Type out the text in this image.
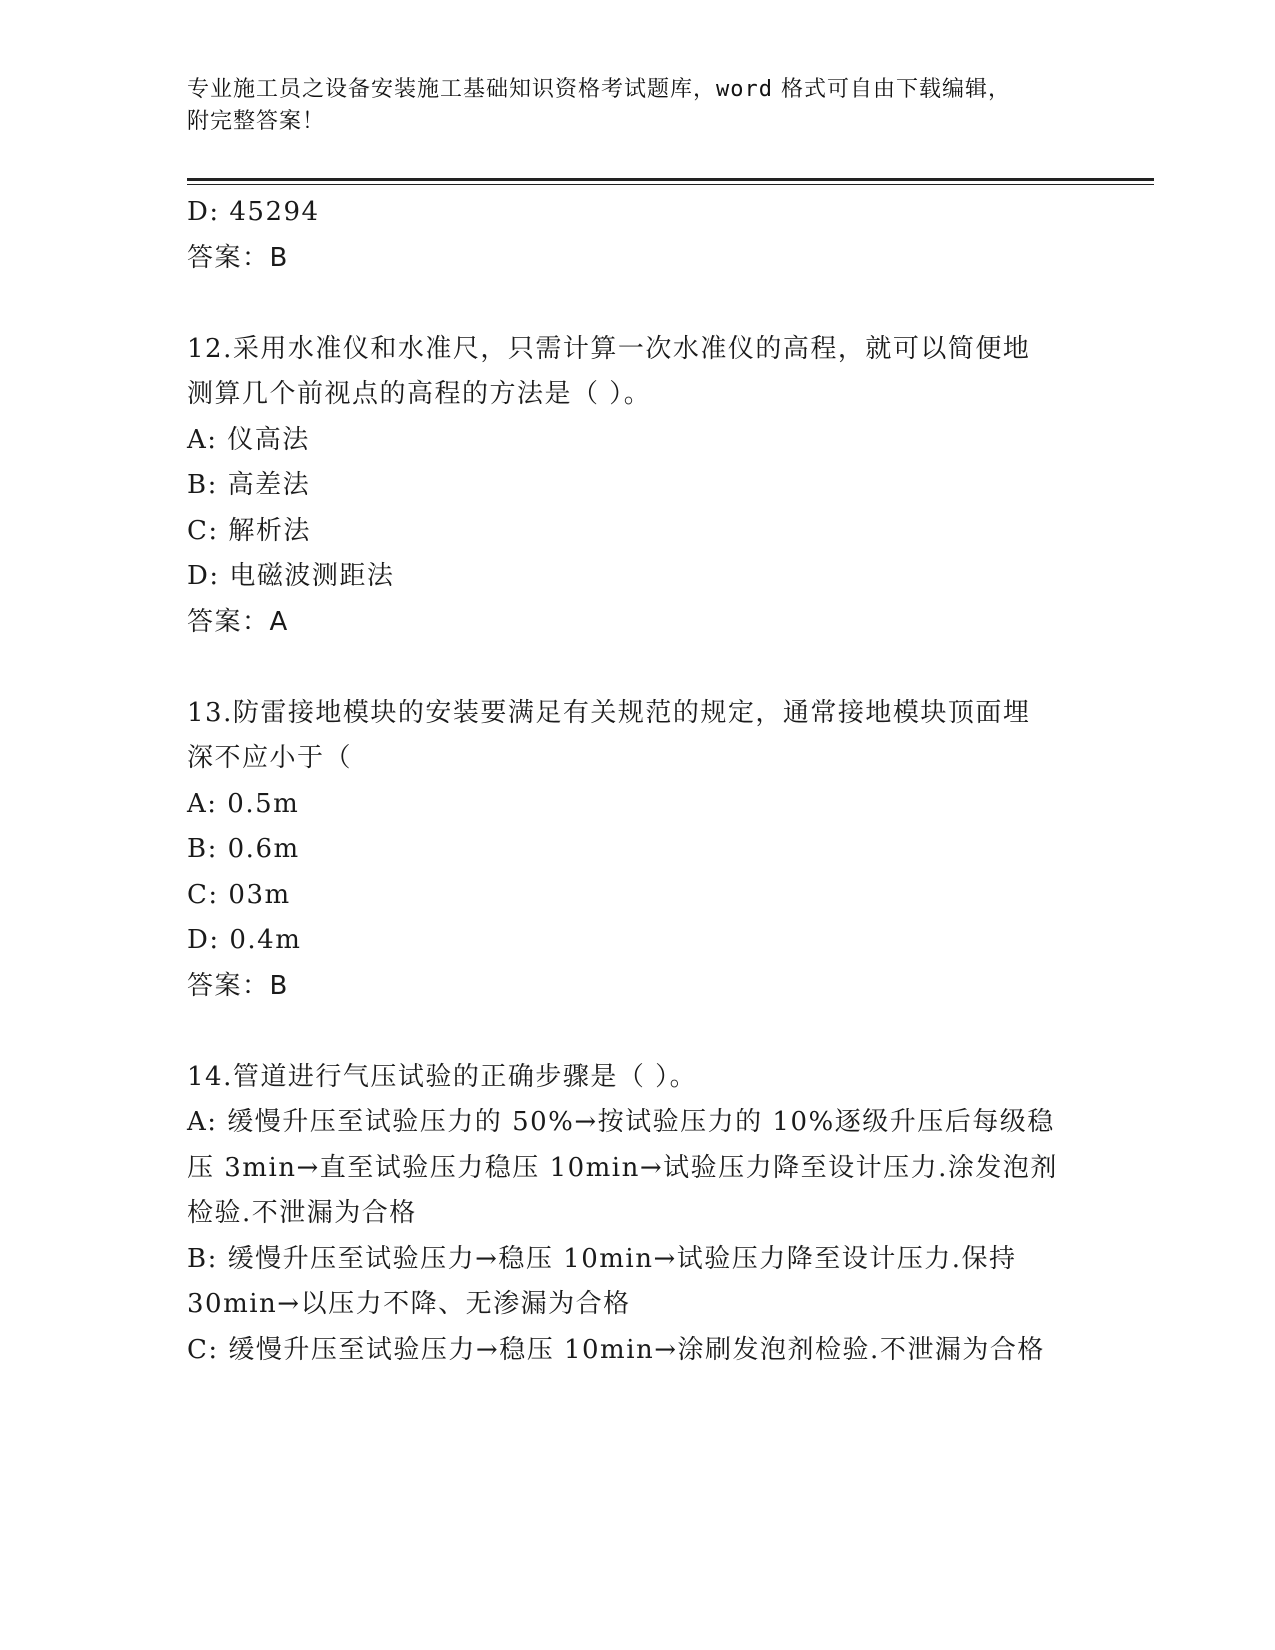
专业施工员之设备安装施工基础知识资格考试题库，word 格式可自由下载编辑，
附完整答案！
D: 45294
答案：B
12.采用水准仪和水准尺，只需计算一次水准仪的高程，就可以简便地
测算几个前视点的高程的方法是（ ）。
A: 仪高法
B: 高差法
C: 解析法
D: 电磁波测距法
答案：A
13.防雷接地模块的安装要满足有关规范的规定，通常接地模块顶面埋
深不应小于（
A: 0.5m
B: 0.6m
C: 03m
D: 0.4m
答案：B
14.管道进行气压试验的正确步骤是（ ）。
A: 缓慢升压至试验压力的 50%→按试验压力的 10%逐级升压后每级稳
压 3min→直至试验压力稳压 10min→试验压力降至设计压力.涂发泡剂
检验.不泄漏为合格
B: 缓慢升压至试验压力→稳压 10min→试验压力降至设计压力.保持
30min→以压力不降、无渗漏为合格
C: 缓慢升压至试验压力→稳压 10min→涂刷发泡剂检验.不泄漏为合格
